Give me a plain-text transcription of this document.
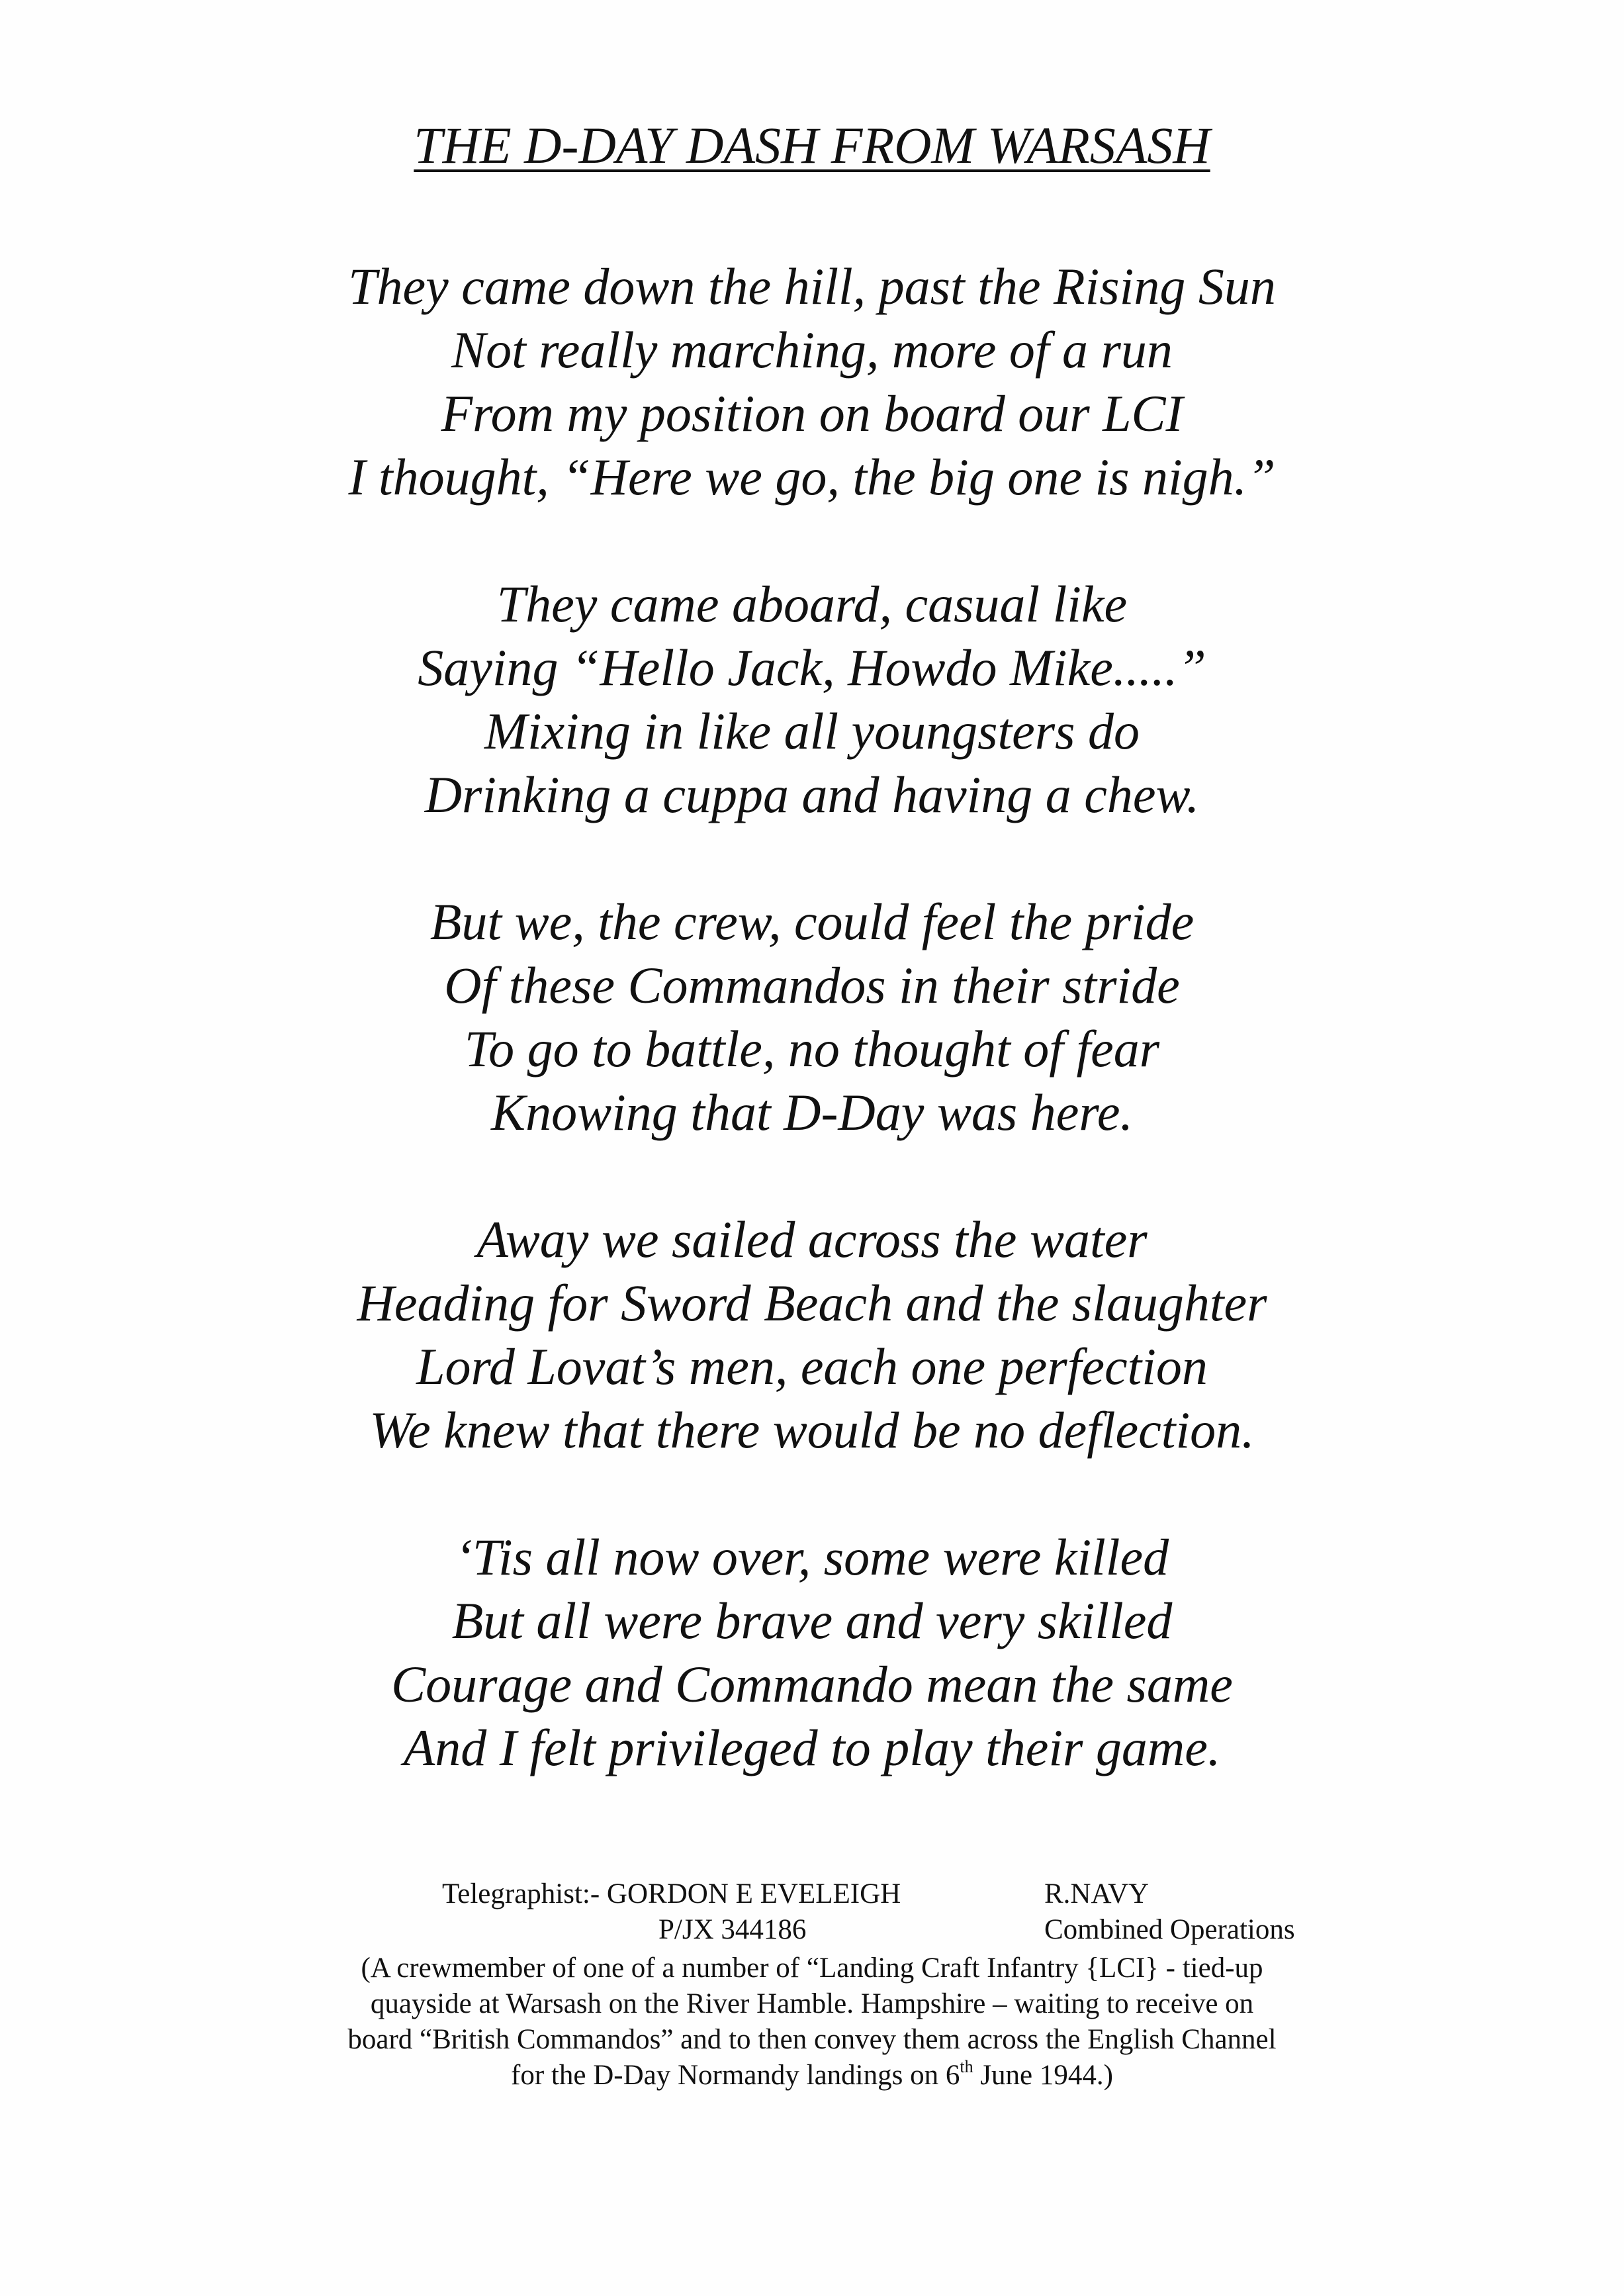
THE D-DAY DASH FROM WARSASH
They came down the hill, past the Rising Sun
Not really marching, more of a run
From my position on board our LCI
I thought, “Here we go, the big one is nigh.”
They came aboard, casual like
Saying “Hello Jack, Howdo Mike.....”
Mixing in like all youngsters do
Drinking a cuppa and having a chew.
But we, the crew, could feel the pride
Of these Commandos in their stride
To go to battle, no thought of fear
Knowing that D-Day was here.
Away we sailed across the water
Heading for Sword Beach and the slaughter
Lord Lovat’s men, each one perfection
We knew that there would be no deflection.
‘Tis all now over, some were killed
But all were brave and very skilled
Courage and Commando mean the same
And I felt privileged to play their game.
Telegraphist:- GORDON E EVELEIGH	R.NAVY
P/JX 344186	Combined Operations
(A crewmember of one of a number of “Landing Craft Infantry {LCI} - tied-up
quayside at Warsash on the River Hamble. Hampshire – waiting to receive on
board “British Commandos” and to then convey them across the English Channel
for the D-Day Normandy landings on 6th June 1944.)
